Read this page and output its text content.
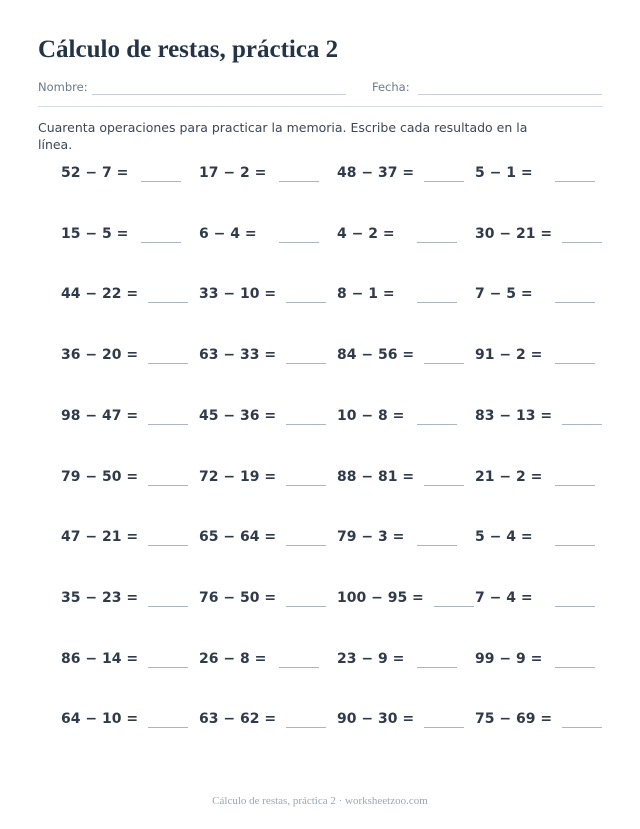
Cálculo de restas, práctica 2
Nombre:	Fecha:

Cuarenta operaciones para practicar la memoria. Escribe cada resultado en la línea.

52 − 7 =	17 − 2 =	48 − 37 =	5 − 1 =
15 − 5 =	6 − 4 =	4 − 2 =	30 − 21 =
44 − 22 =	33 − 10 =	8 − 1 =	7 − 5 =
36 − 20 =	63 − 33 =	84 − 56 =	91 − 2 =
98 − 47 =	45 − 36 =	10 − 8 =	83 − 13 =
79 − 50 =	72 − 19 =	88 − 81 =	21 − 2 =
47 − 21 =	65 − 64 =	79 − 3 =	5 − 4 =
35 − 23 =	76 − 50 =	100 − 95 =	7 − 4 =
86 − 14 =	26 − 8 =	23 − 9 =	99 − 9 =
64 − 10 =	63 − 62 =	90 − 30 =	75 − 69 =
Cálculo de restas, práctica 2 · worksheetzoo.com
